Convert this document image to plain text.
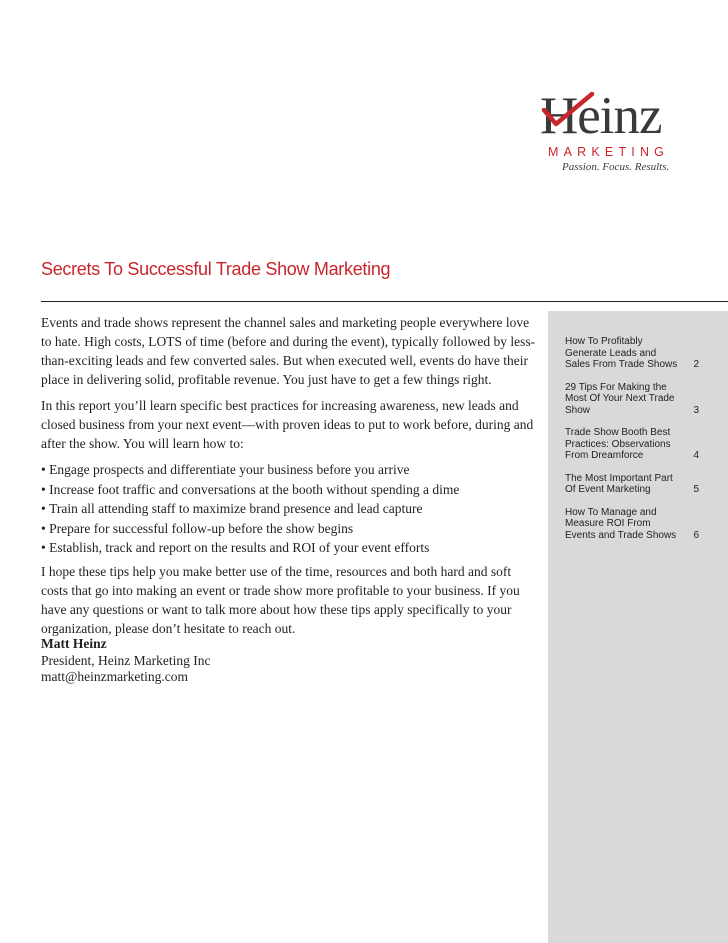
Heinz
MARKETING
Passion. Focus. Results.
Secrets To Successful Trade Show Marketing

Events and trade shows represent the channel sales and marketing people everywhere love to hate. High costs, LOTS of time (before and during the event), typically followed by less-than-exciting leads and few converted sales. But when executed well, events do have their place in delivering solid, profitable revenue. You just have to get a few things right.

In this report you’ll learn specific best practices for increasing awareness, new leads and closed business from your next event—with proven ideas to put to work before, during and after the show. You will learn how to:

• Engage prospects and differentiate your business before you arrive
• Increase foot traffic and conversations at the booth without spending a dime
• Train all attending staff to maximize brand presence and lead capture
• Prepare for successful follow-up before the show begins
• Establish, track and report on the results and ROI of your event efforts

I hope these tips help you make better use of the time, resources and both hard and soft costs that go into making an event or trade show more profitable to your business. If you have any questions or want to talk more about how these tips apply specifically to your organization, please don’t hesitate to reach out.

Matt Heinz
President, Heinz Marketing Inc
matt@heinzmarketing.com
How To Profitably Generate Leads and Sales From Trade Shows	2
29 Tips For Making the Most Of Your Next Trade Show	3
Trade Show Booth Best Practices: Observations From Dreamforce	4
The Most Important Part Of Event Marketing	5
How To Manage and Measure ROI From Events and Trade Shows	6
